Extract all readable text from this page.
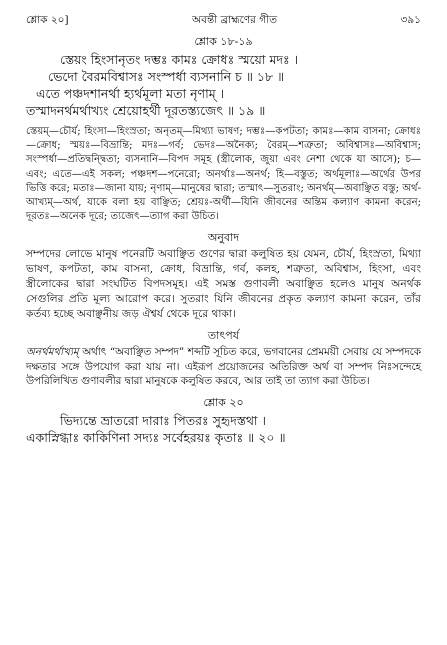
শ্লোক ২০]	অবন্তী ব্রাহ্মণের গীত	৩৯১
শ্লোক ১৮-১৯
স্তেয়ং হিংসানৃতং দম্ভঃ কামঃ ক্রোধঃ স্ময়ো মদঃ ।
ভেদো বৈরমবিশ্বাসঃ সংস্পর্ধা ব্যসনানি চ ॥ ১৮ ॥
এতে পঞ্চদশানর্থা হ্যর্থমূলা মতা নৃণাম্ ।
তস্মাদনর্থমর্থাখ্যং শ্রেয়োহর্থী দূরতস্ত্যজেৎ ॥ ১৯ ॥
স্তেয়ম্—চৌর্য; হিংসা—হিংস্রতা; অনৃতম্—মিথ্যা ভাষণ; দম্ভঃ—কপটতা; কামঃ—কাম বাসনা; ক্রোধঃ—ক্রোধ; স্ময়ঃ—বিভ্রান্তি; মদঃ—গর্ব; ভেদঃ—অনৈক্য; বৈরম্—শত্রুতা; অবিশ্বাসঃ—অবিশ্বাস; সংস্পর্ধা—প্রতিদ্বন্দ্বিতা; ব্যসনানি—বিপদ সমূহ (স্ত্রীলোক, জুয়া এবং নেশা থেকে যা আসে); চ—এবং; এতে—এই সকল; পঞ্চদশ—পনেরো; অনর্থাঃ—অনর্থ; হি—বস্তুত; অর্থমূলাঃ—অর্থের উপর ভিত্তি করে; মতাঃ—জানা যায়; নৃণাম্—মানুষের দ্বারা; তস্মাৎ—সুতরাং; অনর্থম্—অবাঞ্ছিত বস্তু; অর্থ-আখ্যম্—অর্থ, যাকে বলা হয় বাঞ্ছিত; শ্রেয়ঃ-অর্থী—যিনি জীবনের অন্তিম কল্যাণ কামনা করেন; দূরতঃ—অনেক দূরে; ত্যজেৎ—ত্যাগ করা উচিত।
অনুবাদ
সম্পদের লোভে মানুষ পনেরটি অবাঞ্ছিত গুণের দ্বারা কলুষিত হয় যেমন, চৌর্য, হিংস্রতা, মিথ্যা ভাষণ, কপটতা, কাম বাসনা, ক্রোধ, বিভ্রান্তি, গর্ব, কলহ, শত্রুতা, অবিশ্বাস, হিংসা, এবং স্ত্রীলোকের দ্বারা সংঘটিত বিপদসমূহ। এই সমস্ত গুণাবলী অবাঞ্ছিত হলেও মানুষ অনর্থক সেগুলির প্রতি মূল্য আরোপ করে। সুতরাং যিনি জীবনের প্রকৃত কল্যাণ কামনা করেন, তাঁর কর্তব্য হচ্ছে অবাঞ্ছনীয় জড় ঐশ্বর্য থেকে দূরে থাকা।
তাৎপর্য
অনর্থমর্থাখ্যম্ অর্থাৎ “অবাঞ্ছিত সম্পদ” শব্দটি সূচিত করে, ভগবানের প্রেমময়ী সেবায় যে সম্পদকে দক্ষতার সঙ্গে উপযোগ করা যায় না। এইরূপ প্রয়োজনের অতিরিক্ত অর্থ বা সম্পদ নিঃসন্দেহে উপরিলিখিত গুণাবলীর দ্বারা মানুষকে কলুষিত করবে, আর তাই তা ত্যাগ করা উচিত।
শ্লোক ২০
ভিদ্যন্তে ভ্রাতরো দারাঃ পিতরঃ সুহৃদস্তথা ।
একাস্নিগ্ধাঃ কাকিণিনা সদ্যঃ সর্বেহরয়ঃ কৃতাঃ ॥ ২০ ॥
